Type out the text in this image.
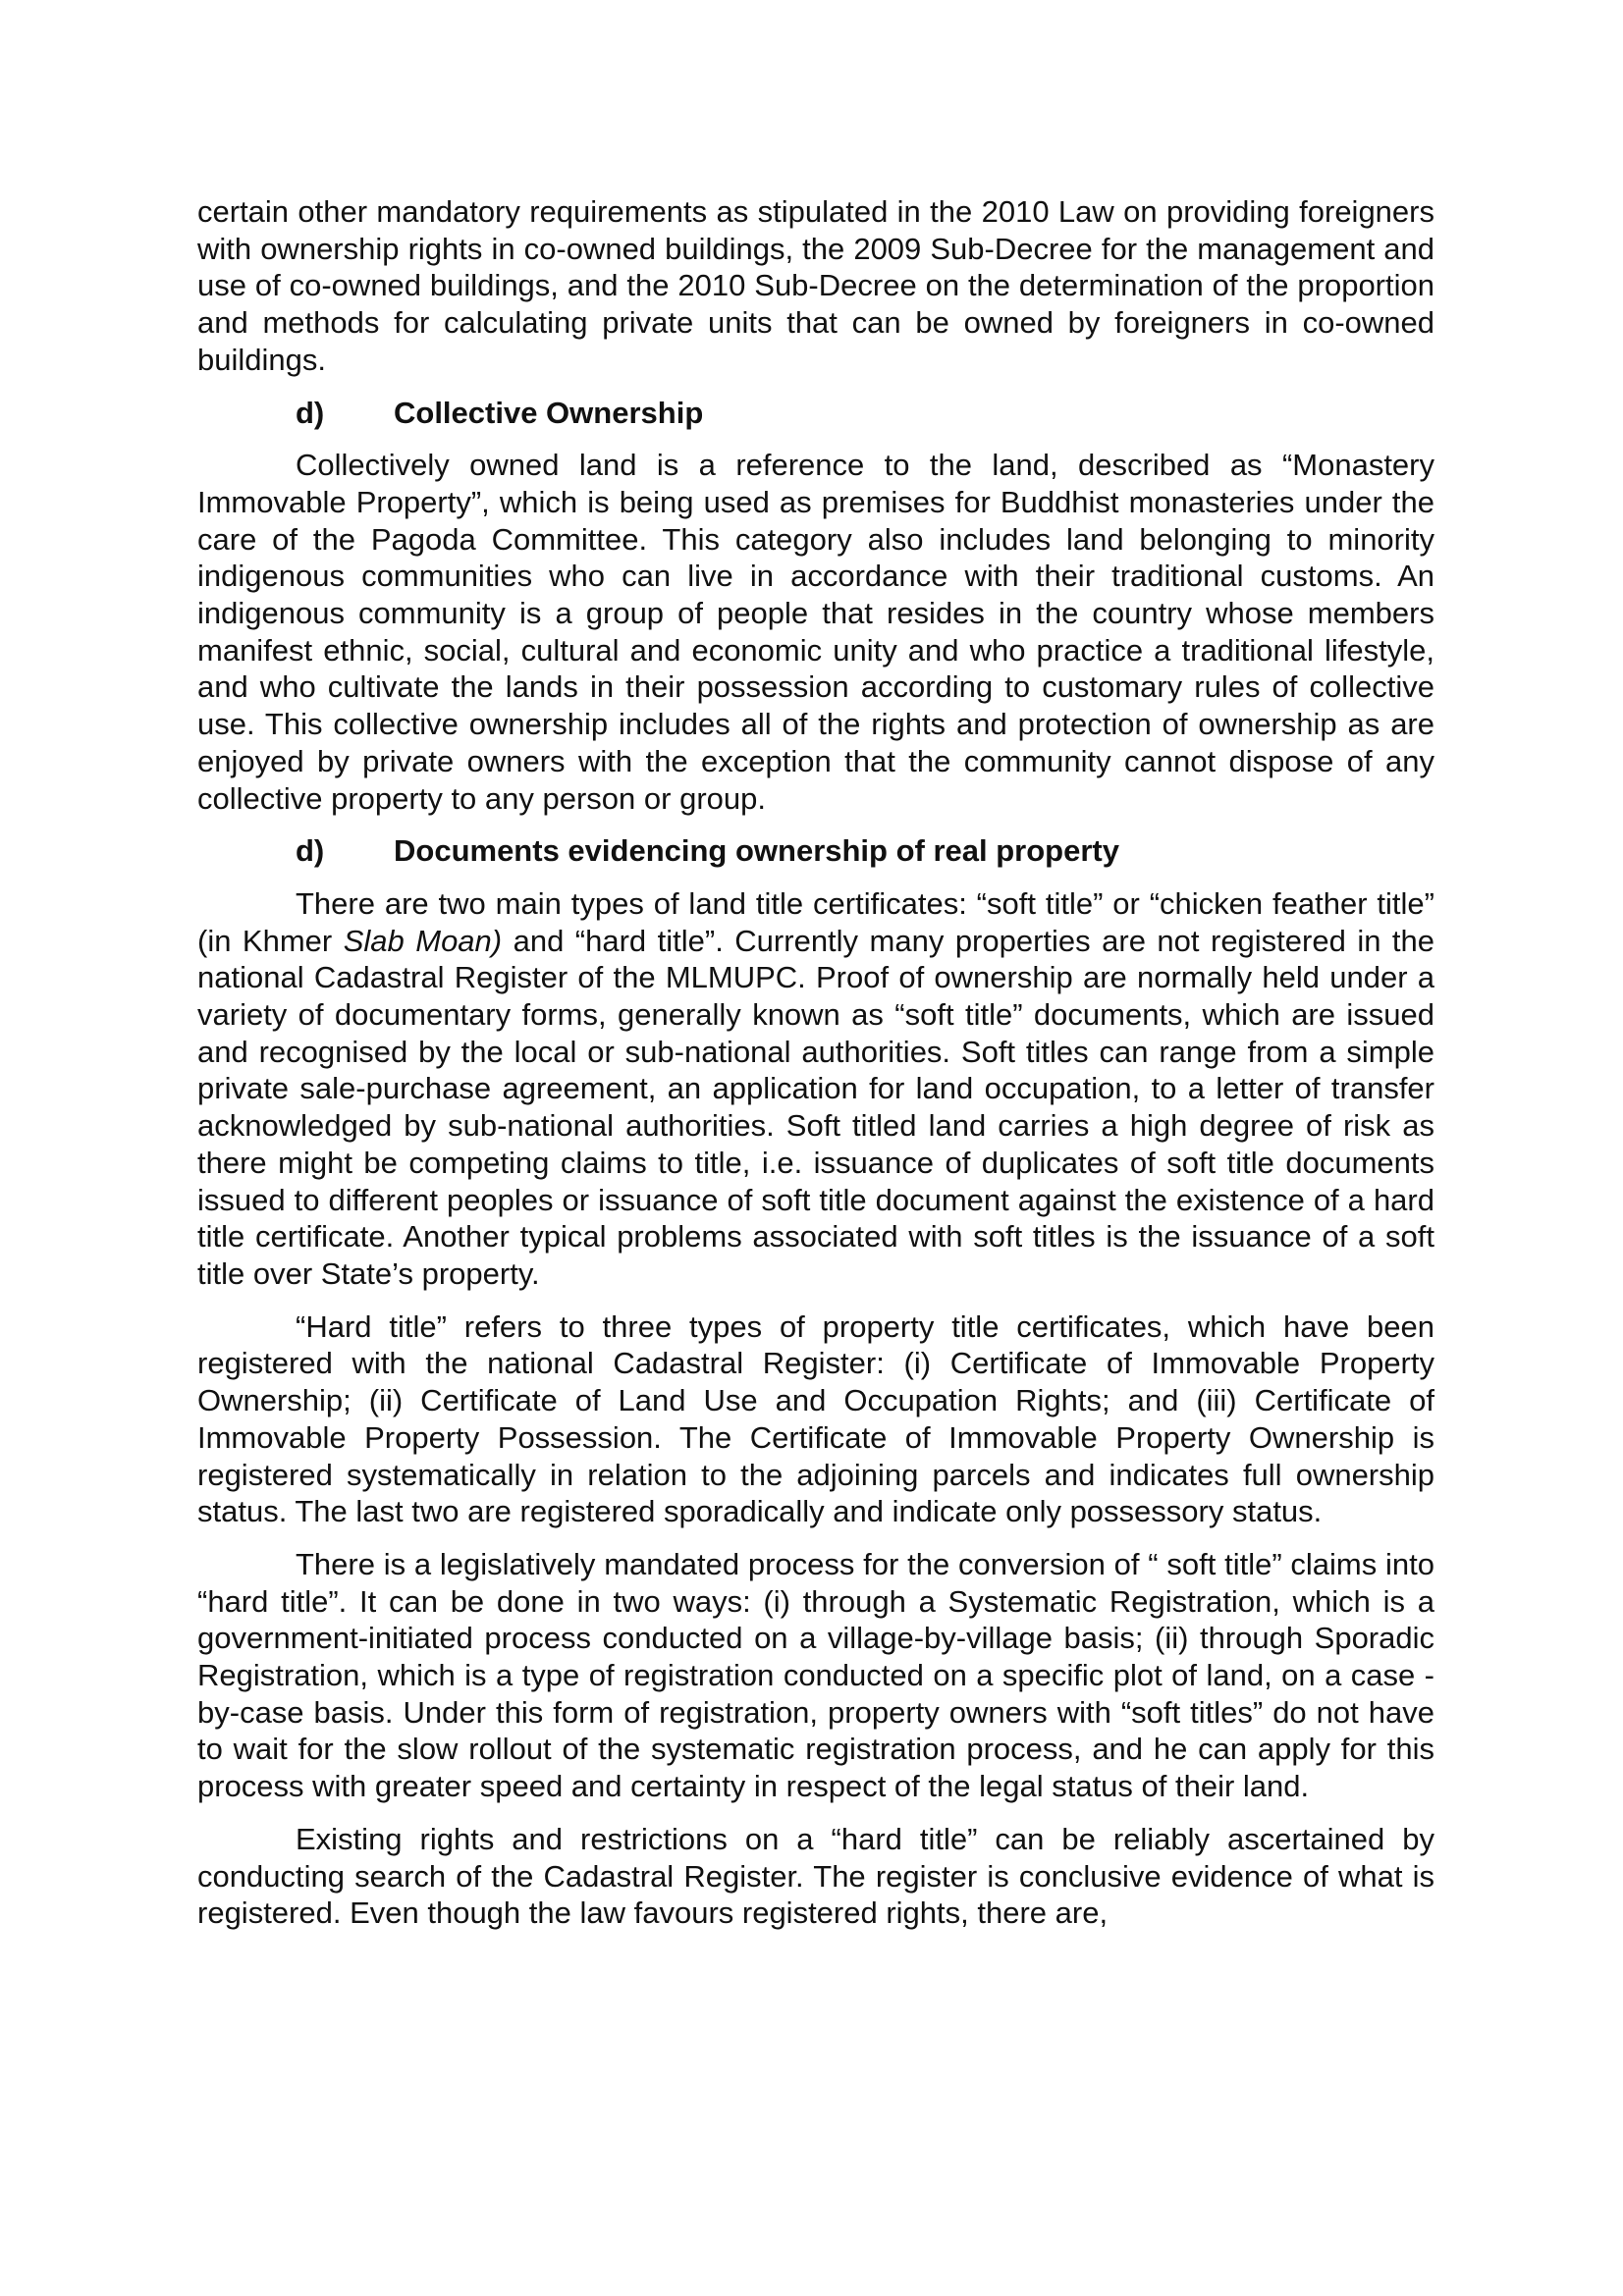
certain other mandatory requirements as stipulated in the 2010 Law on providing foreigners with ownership rights in co-owned buildings, the 2009 Sub-Decree for the management and use of co-owned buildings, and the 2010 Sub-Decree on the determination of the proportion and methods for calculating private units that can be owned by foreigners in co-owned buildings.

d)	Collective Ownership

Collectively owned land is a reference to the land, described as “Monastery Immovable Property”, which is being used as premises for Buddhist monasteries under the care of the Pagoda Committee. This category also includes land belonging to minority indigenous communities who can live in accordance with their traditional customs. An indigenous community is a group of people that resides in the country whose members manifest ethnic, social, cultural and economic unity and who practice a traditional lifestyle, and who cultivate the lands in their possession according to customary rules of collective use. This collective ownership includes all of the rights and protection of ownership as are enjoyed by private owners with the exception that the community cannot dispose of any collective property to any person or group.

d)	Documents evidencing ownership of real property

There are two main types of land title certificates: “soft title” or “chicken feather title” (in Khmer Slab Moan) and “hard title”. Currently many properties are not registered in the national Cadastral Register of the MLMUPC. Proof of ownership are normally held under a variety of documentary forms, generally known as “soft title” documents, which are issued and recognised by the local or sub-national authorities. Soft titles can range from a simple private sale-purchase agreement, an application for land occupation, to a letter of transfer acknowledged by sub-national authorities. Soft titled land carries a high degree of risk as there might be competing claims to title, i.e. issuance of duplicates of soft title documents issued to different peoples or issuance of soft title document against the existence of a hard title certificate. Another typical problems associated with soft titles is the issuance of a soft title over State’s property.

“Hard title” refers to three types of property title certificates, which have been registered with the national Cadastral Register: (i) Certificate of Immovable Property Ownership; (ii) Certificate of Land Use and Occupation Rights; and (iii) Certificate of Immovable Property Possession. The Certificate of Immovable Property Ownership is registered systematically in relation to the adjoining parcels and indicates full ownership status. The last two are registered sporadically and indicate only possessory status.

There is a legislatively mandated process for the conversion of “ soft title” claims into “hard title”. It can be done in two ways: (i) through a Systematic Registration, which is a government-initiated process conducted on a village-by-village basis; (ii) through Sporadic Registration, which is a type of registration conducted on a specific plot of land, on a case -by-case basis. Under this form of registration, property owners with “soft titles” do not have to wait for the slow rollout of the systematic registration process, and he can apply for this process with greater speed and certainty in respect of the legal status of their land.

Existing rights and restrictions on a “hard title” can be reliably ascertained by conducting search of the Cadastral Register. The register is conclusive evidence of what is registered. Even though the law favours registered rights, there are,
